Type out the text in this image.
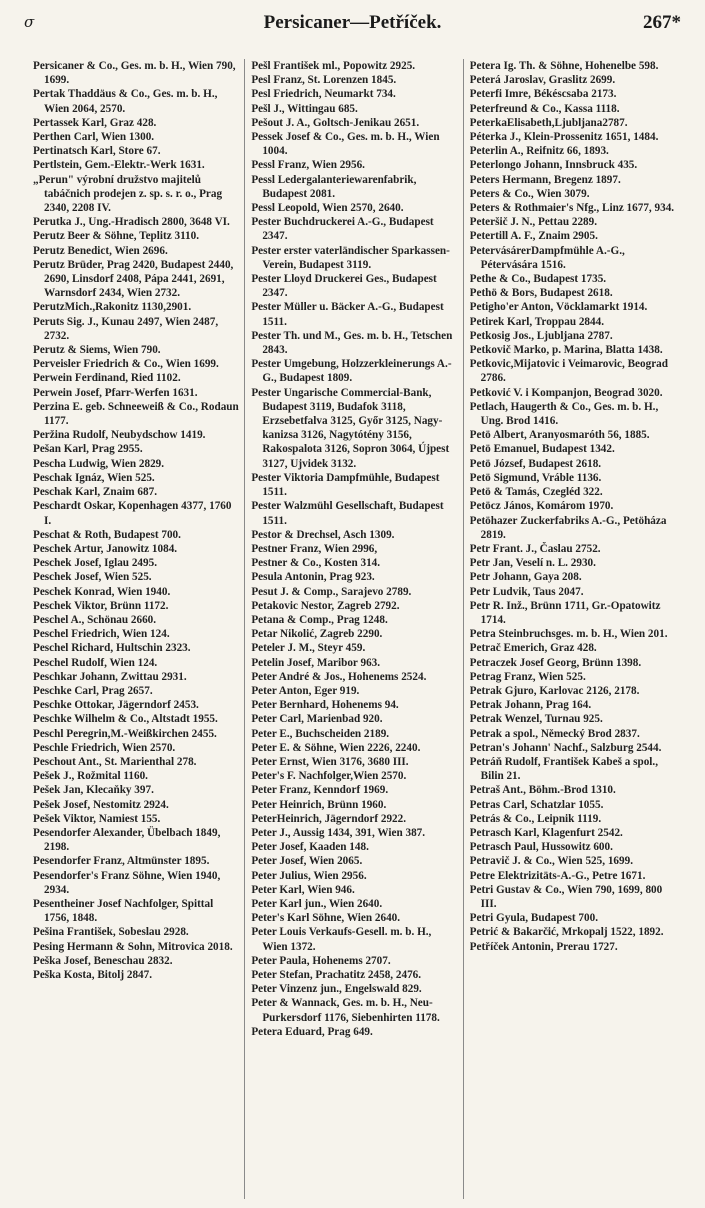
σ	Persicaner—Petříček.	267*
Persicaner & Co., Ges. m. b. H., Wien 790, 1699.
Pertak Thaddäus & Co., Ges. m. b. H., Wien 2064, 2570.
Pertassek Karl, Graz 428.
Perthen Carl, Wien 1300.
Pertinatsch Karl, Store 67.
Pertlstein, Gem.-Elektr.-Werk 1631.
„Perun" výrobní družstvo majitelů tabáčnich prodejen z. sp. s. r. o., Prag 2340, 2208 IV.
Perutka J., Ung.-Hradisch 2800, 3648 VI.
Perutz Beer & Söhne, Teplitz 3110.
Perutz Benedict, Wien 2696.
Perutz Brüder, Prag 2420, Budapest 2440, 2690, Linsdorf 2408, Pápa 2441, 2691, Warnsdorf 2434, Wien 2732.
PerutzMich.,Rakonitz 1130,2901.
Peruts Sig. J., Kunau 2497, Wien 2487, 2732.
Perutz & Siems, Wien 790.
Perveisler Friedrich & Co., Wien 1699.
Perwein Ferdinand, Ried 1102.
Perwein Josef, Pfarr-Werfen 1631.
Perzina E. geb. Schneeweiß & Co., Rodaun 1177.
Peržina Rudolf, Neubydschow 1419.
Pešan Karl, Prag 2955.
Pescha Ludwig, Wien 2829.
Peschak Ignáz, Wien 525.
Peschak Karl, Znaim 687.
Peschardt Oskar, Kopenhagen 4377, 1760 I.
Peschat & Roth, Budapest 700.
Peschek Artur, Janowitz 1084.
Peschek Josef, Iglau 2495.
Peschek Josef, Wien 525.
Peschek Konrad, Wien 1940.
Peschek Viktor, Brünn 1172.
Peschel A., Schönau 2660.
Peschel Friedrich, Wien 124.
Peschel Richard, Hultschin 2323.
Peschel Rudolf, Wien 124.
Peschkar Johann, Zwittau 2931.
Peschke Carl, Prag 2657.
Peschke Ottokar, Jägerndorf 2453.
Peschke Wilhelm & Co., Altstadt 1955.
Peschl Peregrin,M.-Weißkirchen 2455.
Peschle Friedrich, Wien 2570.
Peschout Ant., St. Marienthal 278.
Pešek J., Rožmital 1160.
Pešek Jan, Klecaňky 397.
Pešek Josef, Nestomitz 2924.
Pešek Viktor, Namiest 155.
Pesendorfer Alexander, Übelbach 1849, 2198.
Pesendorfer Franz, Altmünster 1895.
Pesendorfer's Franz Söhne, Wien 1940, 2934.
Pesentheiner Josef Nachfolger, Spittal 1756, 1848.
Pešina František, Sobeslau 2928.
Pesing Hermann & Sohn, Mitrovica 2018.
Peška Josef, Beneschau 2832.
Peška Kosta, Bitolj 2847.
Pešl František ml., Popowitz 2925.
Pesl Franz, St. Lorenzen 1845.
Pesl Friedrich, Neumarkt 734.
Pešl J., Wittingau 685.
Pešout J. A., Goltsch-Jenikau 2651.
Pessek Josef & Co., Ges. m. b. H., Wien 1004.
Pessl Franz, Wien 2956.
Pessl Ledergalanteriewarenfabrik, Budapest 2081.
Pessl Leopold, Wien 2570, 2640.
Pester Buchdruckerei A.-G., Budapest 2347.
Pester erster vaterländischer Sparkassen-Verein, Budapest 3119.
Pester Lloyd Druckerei Ges., Budapest 2347.
Pester Müller u. Bäcker A.-G., Budapest 1511.
Pester Th. und M., Ges. m. b. H., Tetschen 2843.
Pester Umgebung, Holzzerkleinerungs A.-G., Budapest 1809.
Pester Ungarische Commercial-Bank, Budapest 3119, Budafok 3118, Erzsebetfalva 3125, Győr 3125, Nagy-kanizsa 3126, Nagytótény 3156, Rakospalota 3126, Sopron 3064, Újpest 3127, Ujvidek 3132.
Pester Viktoria Dampfmühle, Budapest 1511.
Pester Walzmühl Gesellschaft, Budapest 1511.
Pestor & Drechsel, Asch 1309.
Pestner Franz, Wien 2996,
Pestner & Co., Kosten 314.
Pesula Antonin, Prag 923.
Pesut J. & Comp., Sarajevo 2789.
Petakovic Nestor, Zagreb 2792.
Petana & Comp., Prag 1248.
Petar Nikolić, Zagreb 2290.
Peteler J. M., Steyr 459.
Petelin Josef, Maribor 963.
Peter André & Jos., Hohenems 2524.
Peter Anton, Eger 919.
Peter Bernhard, Hohenems 94.
Peter Carl, Marienbad 920.
Peter E., Buchscheiden 2189.
Peter E. & Söhne, Wien 2226, 2240.
Peter Ernst, Wien 3176, 3680 III.
Peter's F. Nachfolger,Wien 2570.
Peter Franz, Kenndorf 1969.
Peter Heinrich, Brünn 1960.
PeterHeinrich, Jägerndorf 2922.
Peter J., Aussig 1434, 391, Wien 387.
Peter Josef, Kaaden 148.
Peter Josef, Wien 2065.
Peter Julius, Wien 2956.
Peter Karl, Wien 946.
Peter Karl jun., Wien 2640.
Peter's Karl Söhne, Wien 2640.
Peter Louis Verkaufs-Gesell. m. b. H., Wien 1372.
Peter Paula, Hohenems 2707.
Peter Stefan, Prachatitz 2458, 2476.
Peter Vinzenz jun., Engelswald 829.
Peter & Wannack, Ges. m. b. H., Neu-Purkersdorf 1176, Siebenhirten 1178.
Petera Eduard, Prag 649.
Petera Ig. Th. & Söhne, Hohenelbe 598.
Peterá Jaroslav, Graslitz 2699.
Peterfi Imre, Békéscsaba 2173.
Peterfreund & Co., Kassa 1118.
PeterkaElisabeth,Ljubljana2787.
Péterka J., Klein-Prossenitz 1651, 1484.
Peterlin A., Reifnitz 66, 1893.
Peterlongo Johann, Innsbruck 435.
Peters Hermann, Bregenz 1897.
Peters & Co., Wien 3079.
Peters & Rothmaier's Nfg., Linz 1677, 934.
Peteršič J. N., Pettau 2289.
Petertill A. F., Znaim 2905.
PetervásárerDampfmühle A.-G., Pétervására 1516.
Pethe & Co., Budapest 1735.
Pethö & Bors, Budapest 2618.
Petigho'er Anton, Vöcklamarkt 1914.
Petirek Karl, Troppau 2844.
Petkosig Jos., Ljubljana 2787.
Petkovič Marko, p. Marina, Blatta 1438.
Petkovic,Mijatovic i Veimarovic, Beograd 2786.
Petković V. i Kompanjon, Beograd 3020.
Petlach, Haugerth & Co., Ges. m. b. H., Ung. Brod 1416.
Petö Albert, Aranyosmaróth 56, 1885.
Petö Emanuel, Budapest 1342.
Petö József, Budapest 2618.
Petö Sigmund, Vráble 1136.
Petö & Tamás, Czegléd 322.
Petöcz János, Komárom 1970.
Petöhazer Zuckerfabriks A.-G., Petöháza 2819.
Petr Frant. J., Časlau 2752.
Petr Jan, Veselí n. L. 2930.
Petr Johann, Gaya 208.
Petr Ludvik, Taus 2047.
Petr R. Inž., Brünn 1711, Gr.-Opatowitz 1714.
Petra Steinbruchsges. m. b. H., Wien 201.
Petrač Emerich, Graz 428.
Petraczek Josef Georg, Brünn 1398.
Petrag Franz, Wien 525.
Petrak Gjuro, Karlovac 2126, 2178.
Petrak Johann, Prag 164.
Petrak Wenzel, Turnau 925.
Petrak a spol., Německý Brod 2837.
Petran's Johann' Nachf., Salzburg 2544.
Petráň Rudolf, František Kabeš a spol., Bilin 21.
Petraš Ant., Böhm.-Brod 1310.
Petras Carl, Schatzlar 1055.
Petrás & Co., Leipnik 1119.
Petrasch Karl, Klagenfurt 2542.
Petrasch Paul, Hussowitz 600.
Petravič J. & Co., Wien 525, 1699.
Petre Elektrizitäts-A.-G., Petre 1671.
Petri Gustav & Co., Wien 790, 1699, 800 III.
Petri Gyula, Budapest 700.
Petrić & Bakarčić, Mrkopalj 1522, 1892.
Petříček Antonin, Prerau 1727.
